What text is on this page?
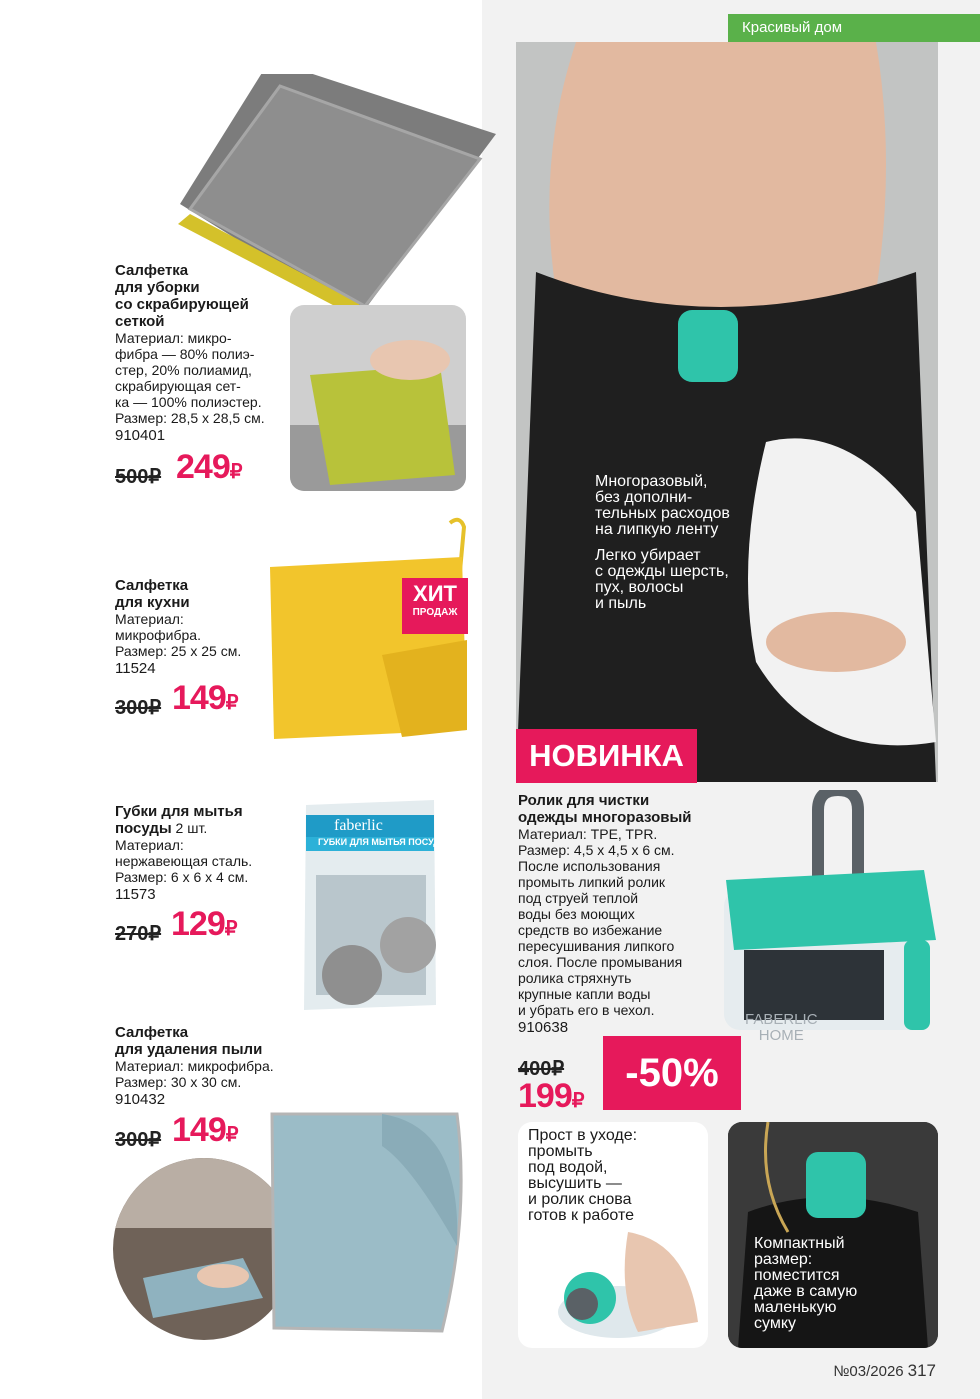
Красивый дом
Салфетка
для уборки
со скрабирующей
сеткой
Материал: микро-
фибра — 80% полиэ-
стер, 20% полиамид,
скрабирующая сет-
ка — 100% полиэстер.
Размер: 28,5 х 28,5 см.
910401
500₽ 249₽
ХИТ
ПРОДАЖ
Салфетка
для кухни
Материал:
микрофибра.
Размер: 25 х 25 см.
11524
300₽ 149₽
faberlic
ГУБКИ ДЛЯ МЫТЬЯ ПОСУДЫ
Губки для мытья
посуды 2 шт.
Материал:
нержавеющая сталь.
Размер: 6 х 6 х 4 см.
11573
270₽ 129₽
Салфетка
для удаления пыли
Материал: микрофибра.
Размер: 30 х 30 см.
910432
300₽ 149₽
Многоразовый,
без дополни-
тельных расходов
на липкую ленту
Легко убирает
с одежды шерсть,
пух, волосы
и пыль
НОВИНКА
Ролик для чистки
одежды многоразовый
Материал: TPE, TPR.
Размер: 4,5 х 4,5 х 6 см.
После использования
промыть липкий ролик
под струей теплой
воды без моющих
средств во избежание
пересушивания липкого
слоя. После промывания
ролика стряхнуть
крупные капли воды
и убрать его в чехол.
910638	FABERLIC
HOME
400₽
199₽
-50%
Прост в уходе:
промыть
под водой,
высушить —
и ролик снова
готов к работе
Компактный
размер:
поместится
даже в самую
маленькую
сумку
№03/2026 317
